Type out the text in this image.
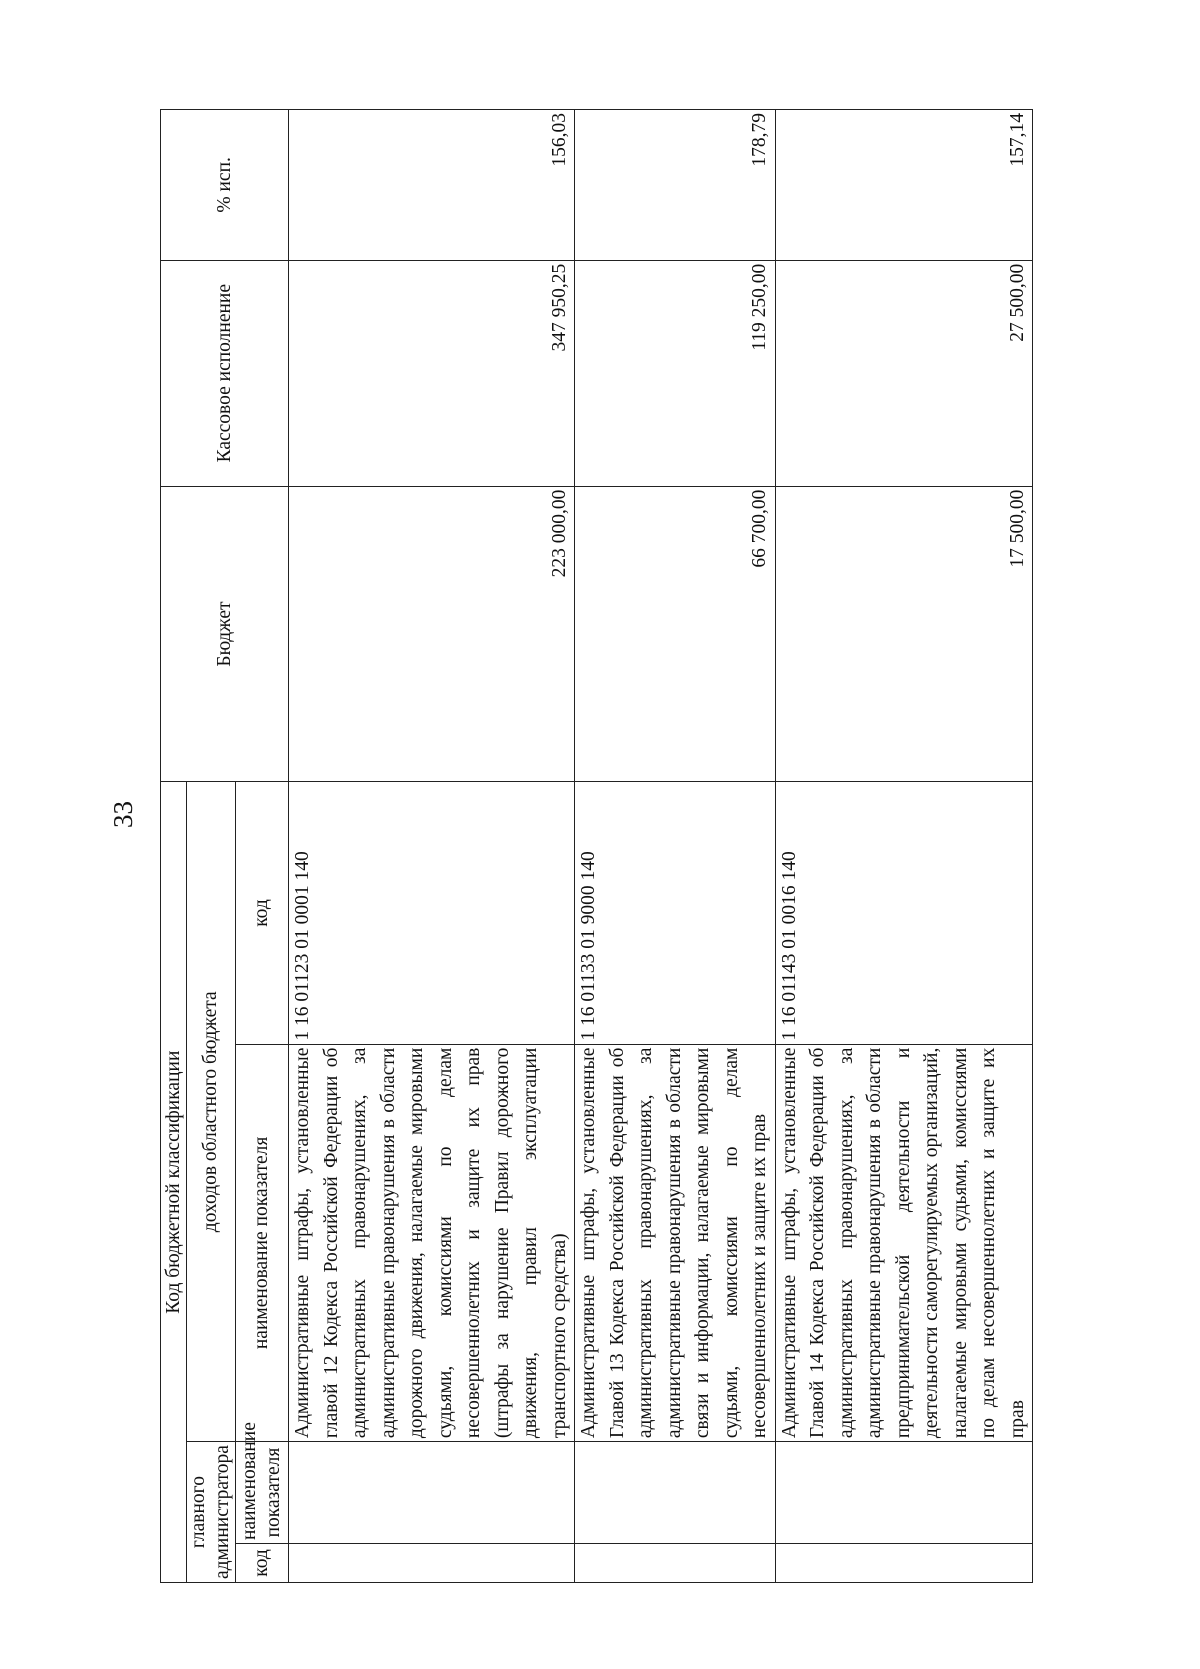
33
Код бюджетной классификации				Бюджет	Кассовое исполнение	% исп.
главного администратора		доходов областного бюджета				
код	наименование показателя	наименование показателя	код			
		Административные штрафы, установленные главой 12 Кодекса Российской Федерации об административных правонарушениях, за административные правонарушения в области дорожного движения, налагаемые мировыми судьями, комиссиями по делам несовершеннолетних и защите их прав (штрафы за нарушение Правил дорожного движения, правил эксплуатации транспортного средства)	1 16 01123 01 0001 140	223 000,00	347 950,25	156,03
		Административные штрафы, установленные Главой 13 Кодекса Российской Федерации об административных правонарушениях, за административные правонарушения в области связи и информации, налагаемые мировыми судьями, комиссиями по делам несовершеннолетних и защите их прав	1 16 01133 01 9000 140	66 700,00	119 250,00	178,79
		Административные штрафы, установленные Главой 14 Кодекса Российской Федерации об административных правонарушениях, за административные правонарушения в области предпринимательской деятельности и деятельности саморегулируемых организаций, налагаемые мировыми судьями, комиссиями по делам несовершеннолетних и защите их прав	1 16 01143 01 0016 140	17 500,00	27 500,00	157,14
